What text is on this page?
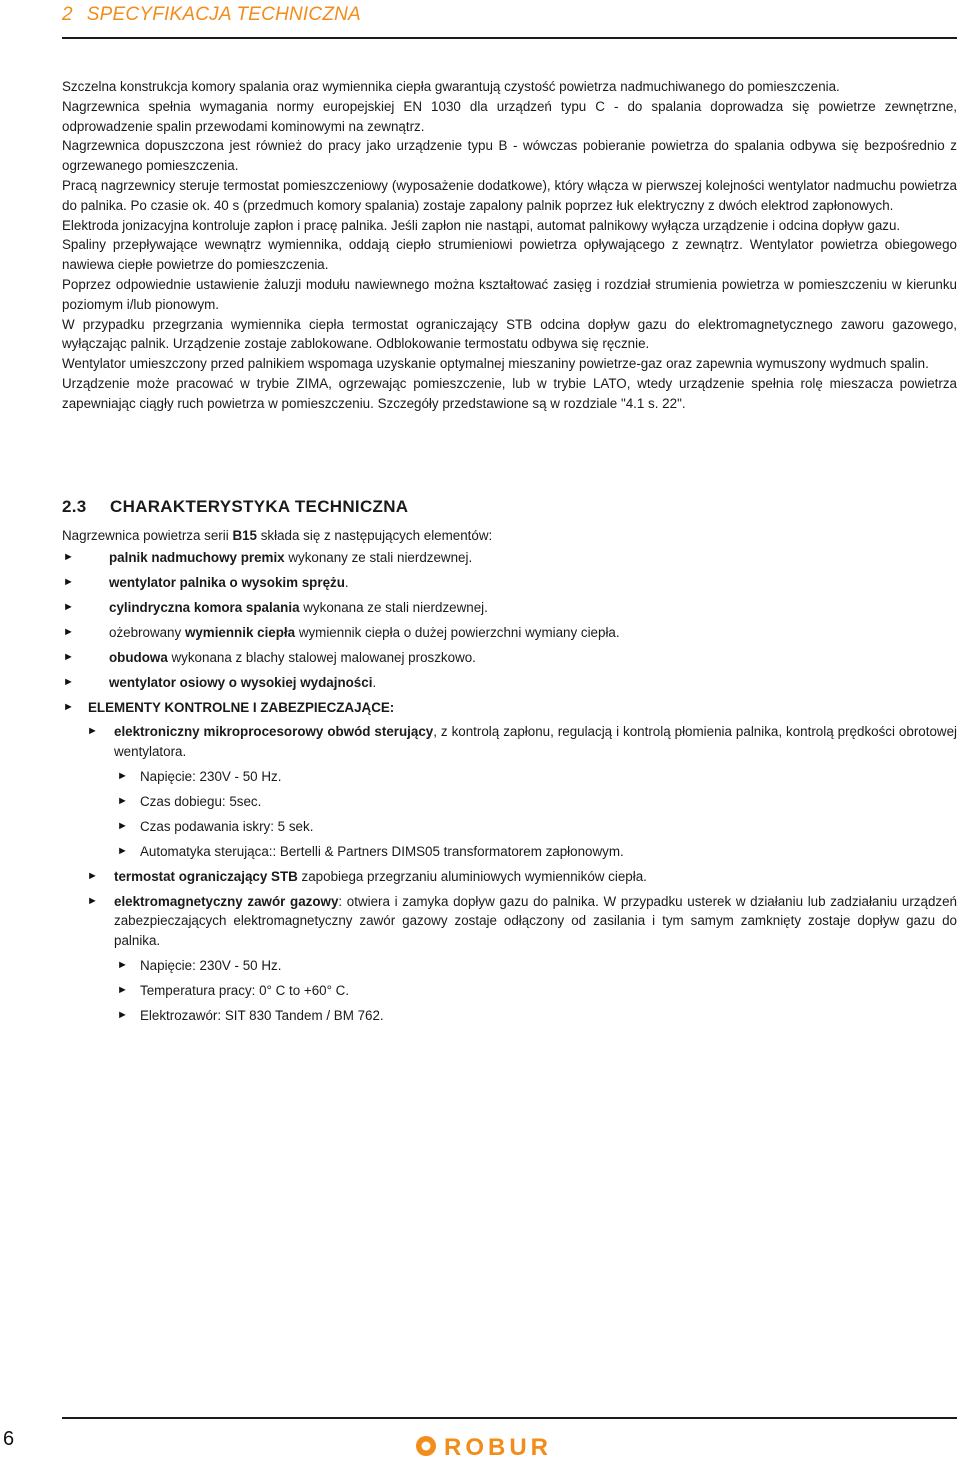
2 SPECYFIKACJA TECHNICZNA

Szczelna konstrukcja komory spalania oraz wymiennika ciepła gwarantują czystość powietrza nadmuchiwanego do pomieszczenia.

Nagrzewnica spełnia wymagania normy europejskiej EN 1030 dla urządzeń typu C - do spalania doprowadza się powietrze zewnętrzne, odprowadzenie spalin przewodami kominowymi na zewnątrz.

Nagrzewnica dopuszczona jest również do pracy jako urządzenie typu B - wówczas pobieranie powietrza do spalania odbywa się bezpośrednio z ogrzewanego pomieszczenia.

Pracą nagrzewnicy steruje termostat pomieszczeniowy (wyposażenie dodatkowe), który włącza w pierwszej kolejności wentylator nadmuchu powietrza do palnika. Po czasie ok. 40 s (przedmuch komory spalania) zostaje zapalony palnik poprzez łuk elektryczny z dwóch elektrod zapłonowych.

Elektroda jonizacyjna kontroluje zapłon i pracę palnika. Jeśli zapłon nie nastąpi, automat palnikowy wyłącza urządzenie i odcina dopływ gazu.

Spaliny przepływające wewnątrz wymiennika, oddają ciepło strumieniowi powietrza opływającego z zewnątrz. Wentylator powietrza obiegowego nawiewa ciepłe powietrze do pomieszczenia.

Poprzez odpowiednie ustawienie żaluzji modułu nawiewnego można kształtować zasięg i rozdział strumienia powietrza w pomieszczeniu w kierunku poziomym i/lub pionowym.

W przypadku przegrzania wymiennika ciepła termostat ograniczający STB odcina dopływ gazu do elektromagnetycznego zaworu gazowego, wyłączając palnik. Urządzenie zostaje zablokowane. Odblokowanie termostatu odbywa się ręcznie.

Wentylator umieszczony przed palnikiem wspomaga uzyskanie optymalnej mieszaniny powietrze-gaz oraz zapewnia wymuszony wydmuch spalin.

Urządzenie może pracować w trybie ZIMA, ogrzewając pomieszczenie, lub w trybie LATO, wtedy urządzenie spełnia rolę mieszacza powietrza zapewniając ciągły ruch powietrza w pomieszczeniu. Szczegóły przedstawione są w rozdziale "4.1 s. 22".

2.3 CHARAKTERYSTYKA TECHNICZNA

Nagrzewnica powietrza serii B15 składa się z następujących elementów:

►	palnik nadmuchowy premix wykonany ze stali nierdzewnej.
►	wentylator palnika o wysokim sprężu.
►	cylindryczna komora spalania wykonana ze stali nierdzewnej.
►	ożebrowany wymiennik ciepła wymiennik ciepła o dużej powierzchni wymiany ciepła.
►	obudowa wykonana z blachy stalowej malowanej proszkowo.
►	wentylator osiowy o wysokiej wydajności.
► ELEMENTY KONTROLNE I ZABEZPIECZAJĄCE:
► elektroniczny mikroprocesorowy obwód sterujący, z kontrolą zapłonu, regulacją i kontrolą płomienia palnika, kontrolą prędkości obrotowej wentylatora.
► Napięcie: 230V - 50 Hz.
► Czas dobiegu: 5sec.
► Czas podawania iskry: 5 sek.
► Automatyka sterująca:: Bertelli & Partners DIMS05 transformatorem zapłonowym.
► termostat ograniczający STB zapobiega przegrzaniu aluminiowych wymienników ciepła.
► elektromagnetyczny zawór gazowy: otwiera i zamyka dopływ gazu do palnika. W przypadku usterek w działaniu lub zadziałaniu urządzeń zabezpieczających elektromagnetyczny zawór gazowy zostaje odłączony od zasilania i tym samym zamknięty zostaje dopływ gazu do palnika.
► Napięcie: 230V - 50 Hz.
► Temperatura pracy: 0° C to +60° C.
► Elektrozawór: SIT 830 Tandem / BM 762.
6	ROBUR
